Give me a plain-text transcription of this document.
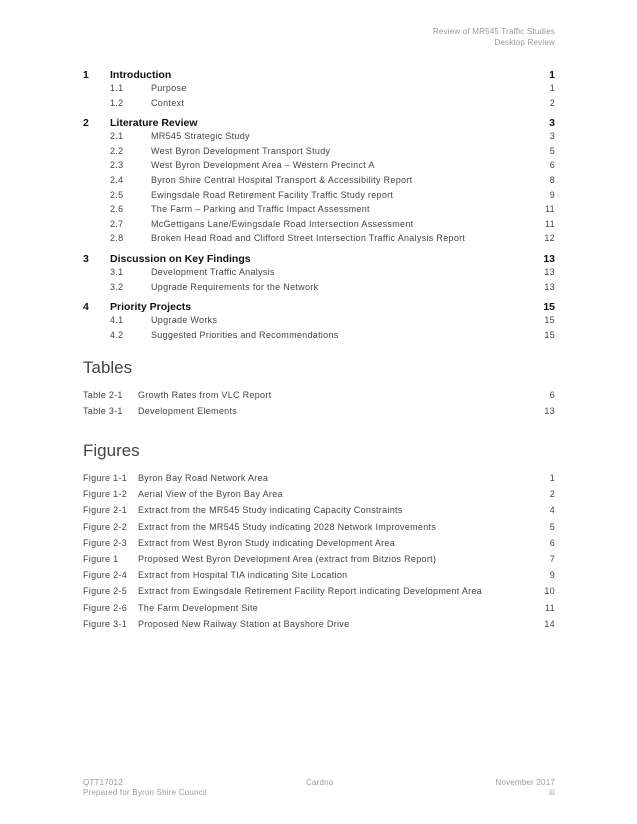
Review of MR545 Traffic Studies
Desktop Review
1 Introduction	1
1.1	Purpose	1
1.2	Context	2
2 Literature Review	3
2.1	MR545 Strategic Study	3
2.2	West Byron Development Transport Study	5
2.3	West Byron Development Area – Western Precinct A	6
2.4	Byron Shire Central Hospital Transport & Accessibility Report	8
2.5	Ewingsdale Road Retirement Facility Traffic Study report	9
2.6	The Farm – Parking and Traffic Impact Assessment	11
2.7	McGettigans Lane/Ewingsdale Road Intersection Assessment	11
2.8	Broken Head Road and Clifford Street Intersection Traffic Analysis Report	12
3 Discussion on Key Findings	13
3.1	Development Traffic Analysis	13
3.2	Upgrade Requirements for the Network	13
4 Priority Projects	15
4.1	Upgrade Works	15
4.2	Suggested Priorities and Recommendations	15
Tables
Table 2-1 Growth Rates from VLC Report	6
Table 3-1 Development Elements	13
Figures
Figure 1-1 Byron Bay Road Network Area	1
Figure 1-2 Aerial View of the Byron Bay Area	2
Figure 2-1 Extract from the MR545 Study indicating Capacity Constraints	4
Figure 2-2 Extract from the MR545 Study indicating 2028 Network Improvements	5
Figure 2-3 Extract from West Byron Study indicating Development Area	6
Figure 1 Proposed West Byron Development Area (extract from Bitzios Report)	7
Figure 2-4 Extract from Hospital TIA indicating Site Location	9
Figure 2-5 Extract from Ewingsdale Retirement Facility Report indicating Development Area	10
Figure 2-6 The Farm Development Site	11
Figure 3-1 Proposed New Railway Station at Bayshore Drive	14
QTT17012
Prepared for Byron Shire Council
Cardno	November 2017
iii
